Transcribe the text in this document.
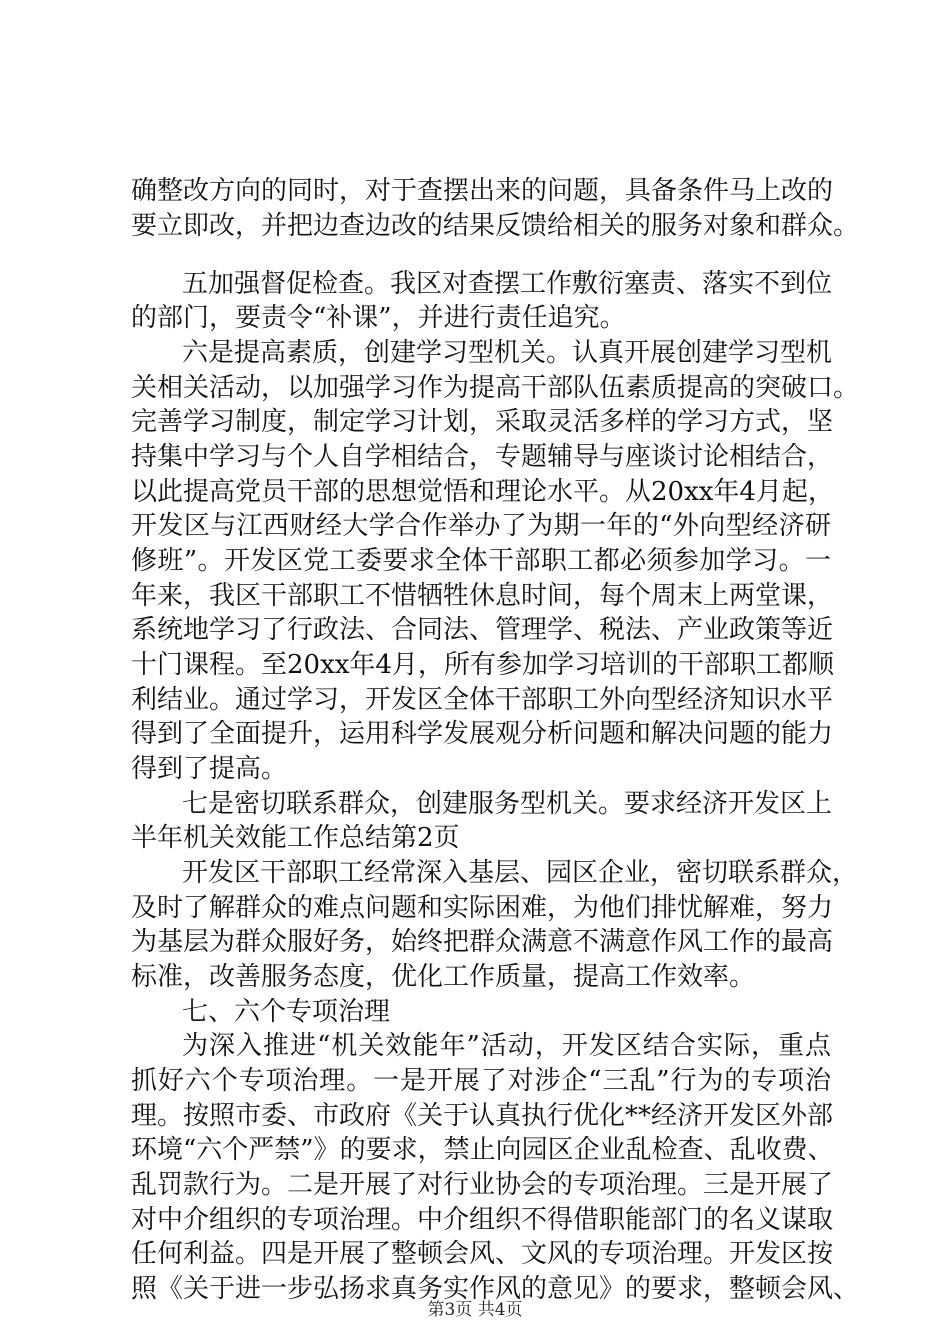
确整改方向的同时，对于查摆出来的问题，具备条件马上改的
要立即改，并把边查边改的结果反馈给相关的服务对象和群众。
五加强督促检查。我区对查摆工作敷衍塞责、落实不到位
的部门，要责令“补课”，并进行责任追究。
六是提高素质，创建学习型机关。认真开展创建学习型机
关相关活动，以加强学习作为提高干部队伍素质提高的突破口。
完善学习制度，制定学习计划，采取灵活多样的学习方式，坚
持集中学习与个人自学相结合，专题辅导与座谈讨论相结合，
以此提高党员干部的思想觉悟和理论水平。从20xx年4月起，
开发区与江西财经大学合作举办了为期一年的“外向型经济研
修班”。开发区党工委要求全体干部职工都必须参加学习。一
年来，我区干部职工不惜牺牲休息时间，每个周末上两堂课，
系统地学习了行政法、合同法、管理学、税法、产业政策等近
十门课程。至20xx年4月，所有参加学习培训的干部职工都顺
利结业。通过学习，开发区全体干部职工外向型经济知识水平
得到了全面提升，运用科学发展观分析问题和解决问题的能力
得到了提高。
七是密切联系群众，创建服务型机关。要求经济开发区上
半年机关效能工作总结第2页
开发区干部职工经常深入基层、园区企业，密切联系群众，
及时了解群众的难点问题和实际困难，为他们排忧解难，努力
为基层为群众服好务，始终把群众满意不满意作风工作的最高
标准，改善服务态度，优化工作质量，提高工作效率。
七、六个专项治理
为深入推进“机关效能年”活动，开发区结合实际，重点
抓好六个专项治理。一是开展了对涉企“三乱”行为的专项治
理。按照市委、市政府《关于认真执行优化**经济开发区外部
环境“六个严禁”》的要求，禁止向园区企业乱检查、乱收费、
乱罚款行为。二是开展了对行业协会的专项治理。三是开展了
对中介组织的专项治理。中介组织不得借职能部门的名义谋取
任何利益。四是开展了整顿会风、文风的专项治理。开发区按
照《关于进一步弘扬求真务实作风的意见》的要求，整顿会风、
第3页 共4页
